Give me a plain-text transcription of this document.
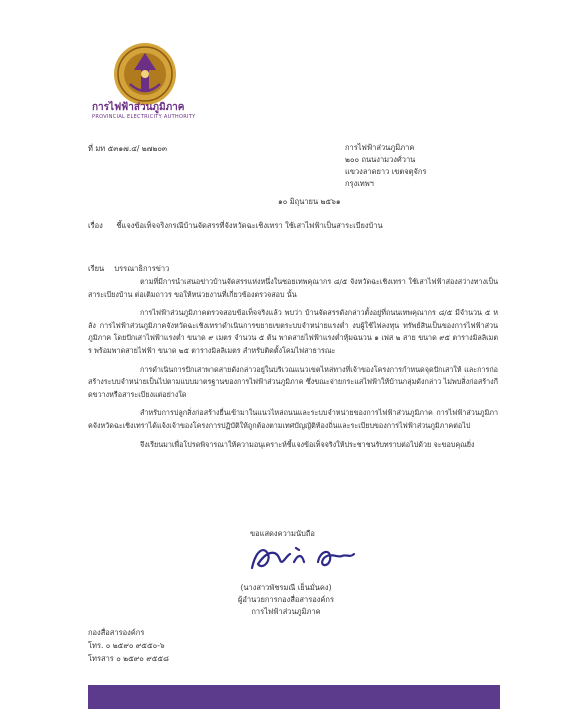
การไฟฟ้าส่วนภูมิภาค
PROVINCIAL ELECTRICITY AUTHORITY
ที่ มท ๕๓๑๗.๔/ ๒๗๒๐๓	การไฟฟ้าส่วนภูมิภาค
๒๐๐ ถนนงามวงศ์วาน
แขวงลาดยาว เขตจตุจักร
กรุงเทพฯ
๑๐ มิถุนายน ๒๕๖๑
เรื่อง ชี้แจงข้อเท็จจริงกรณีบ้านจัดสรรที่จังหวัดฉะเชิงเทรา ใช้เสาไฟฟ้าเป็นสาระเบียงบ้าน
เรียน บรรณาธิการข่าว

ตามที่มีการนำเสนอข่าวบ้านจัดสรรแห่งหนึ่งในซอยเทพคุณากร ๘/๕ จังหวัดฉะเชิงเทรา ใช้เสาไฟฟ้าส่องสว่างทางเป็นสาระเบียงบ้าน ต่อเติมถาวร ขอให้หน่วยงานที่เกี่ยวข้องตรวจสอบ นั้น

การไฟฟ้าส่วนภูมิภาคตรวจสอบข้อเท็จจริงแล้ว พบว่า บ้านจัดสรรดังกล่าวตั้งอยู่ที่ถนนเทพคุณากร ๘/๕ มีจำนวน ๕ หลัง การไฟฟ้าส่วนภูมิภาคจังหวัดฉะเชิงเทราดำเนินการขยายเขตระบบจำหน่ายแรงต่ำ งบผู้ใช้ไฟลงทุน ทรัพย์สินเป็นของการไฟฟ้าส่วนภูมิภาค โดยปักเสาไฟฟ้าแรงต่ำ ขนาด ๙ เมตร จำนวน ๕ ต้น พาดสายไฟฟ้าแรงต่ำหุ้มฉนวน ๑ เฟส ๒ สาย ขนาด ๙๕ ตารางมิลลิเมตร พร้อมพาดสายไฟฟ้า ขนาด ๒๕ ตารางมิลลิเมตร สำหรับติดตั้งโคมไฟสาธารณะ

การดำเนินการปักเสาพาดสายดังกล่าวอยู่ในบริเวณแนวเขตไหล่ทางที่เจ้าของโครงการกำหนดจุดปักเสาให้ และการก่อสร้างระบบจำหน่ายเป็นไปตามแบบมาตรฐานของการไฟฟ้าส่วนภูมิภาค ซึ่งขณะจ่ายกระแสไฟฟ้าให้บ้านกลุ่มดังกล่าว ไม่พบสิ่งก่อสร้างกีดขวางหรือสาระเบียงแต่อย่างใด

สำหรับการปลูกสิ่งก่อสร้างยื่นเข้ามาในแนวไหล่ถนนและระบบจำหน่ายของการไฟฟ้าส่วนภูมิภาค การไฟฟ้าส่วนภูมิภาคจังหวัดฉะเชิงเทราได้แจ้งเจ้าของโครงการปฏิบัติให้ถูกต้องตามเทศบัญญัติท้องถิ่นและระเบียบของการไฟฟ้าส่วนภูมิภาคต่อไป

จึงเรียนมาเพื่อโปรดพิจารณาให้ความอนุเคราะห์ชี้แจงข้อเท็จจริงให้ประชาชนรับทราบต่อไปด้วย จะขอบคุณยิ่ง

ขอแสดงความนับถือ
(นางสาวพัชรมณี เย็นมั่นคง)
ผู้อำนวยการกองสื่อสารองค์กร
การไฟฟ้าส่วนภูมิภาค
กองสื่อสารองค์กร
โทร. ๐ ๒๕๙๐ ๙๕๕๐-๖
โทรสาร ๐ ๒๕๙๐ ๙๕๕๘
